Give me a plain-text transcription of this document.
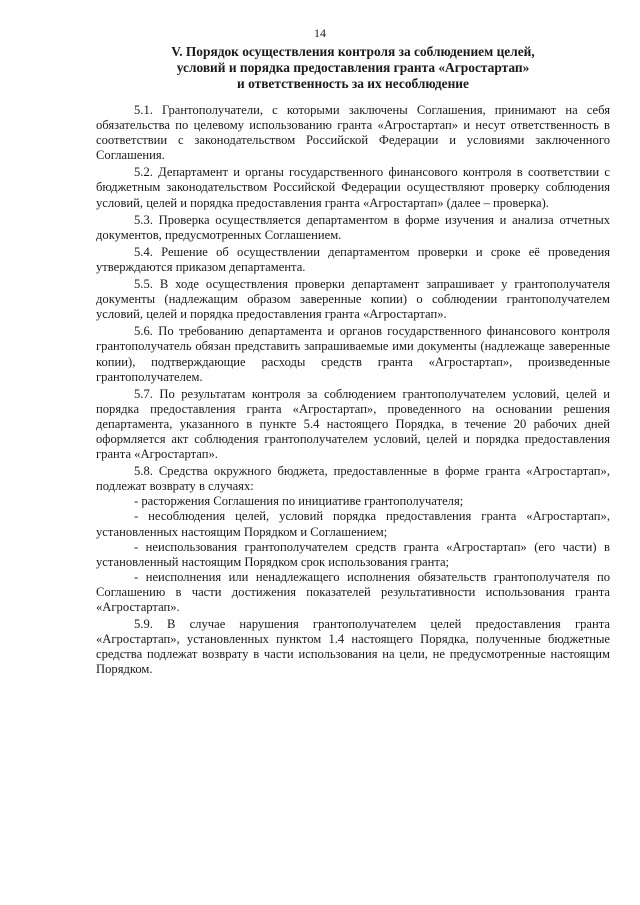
14
V. Порядок осуществления контроля за соблюдением целей,
условий и порядка предоставления гранта «Агростартап»
и ответственность за их несоблюдение

5.1. Грантополучатели, с которыми заключены Соглашения, принимают на себя обязательства по целевому использованию гранта «Агростартап» и несут ответственность в соответствии с законодательством Российской Федерации и условиями заключенного Соглашения.

5.2. Департамент и органы государственного финансового контроля в соответствии с бюджетным законодательством Российской Федерации осуществляют проверку соблюдения условий, целей и порядка предоставления гранта «Агростартап» (далее – проверка).

5.3. Проверка осуществляется департаментом в форме изучения и анализа отчетных документов, предусмотренных Соглашением.

5.4. Решение об осуществлении департаментом проверки и сроке её проведения утверждаются приказом департамента.

5.5. В ходе осуществления проверки департамент запрашивает у грантополучателя документы (надлежащим образом заверенные копии) о соблюдении грантополучателем условий, целей и порядка предоставления гранта «Агростартап».

5.6. По требованию департамента и органов государственного финансового контроля грантополучатель обязан представить запрашиваемые ими документы (надлежаще заверенные копии), подтверждающие расходы средств гранта «Агростартап», произведенные грантополучателем.

5.7. По результатам контроля за соблюдением грантополучателем условий, целей и порядка предоставления гранта «Агростартап», проведенного на основании решения департамента, указанного в пункте 5.4 настоящего Порядка, в течение 20 рабочих дней оформляется акт соблюдения грантополучателем условий, целей и порядка предоставления гранта «Агростартап».

5.8. Средства окружного бюджета, предоставленные в форме гранта «Агростартап», подлежат возврату в случаях:

- расторжения Соглашения по инициативе грантополучателя;

- несоблюдения целей, условий порядка предоставления гранта «Агростартап», установленных настоящим Порядком и Соглашением;

- неиспользования грантополучателем средств гранта «Агростартап» (его части) в установленный настоящим Порядком срок использования гранта;

- неисполнения или ненадлежащего исполнения обязательств грантополучателя по Соглашению в части достижения показателей результативности использования гранта «Агростартап».

5.9. В случае нарушения грантополучателем целей предоставления гранта «Агростартап», установленных пунктом 1.4 настоящего Порядка, полученные бюджетные средства подлежат возврату в части использования на цели, не предусмотренные настоящим Порядком.
